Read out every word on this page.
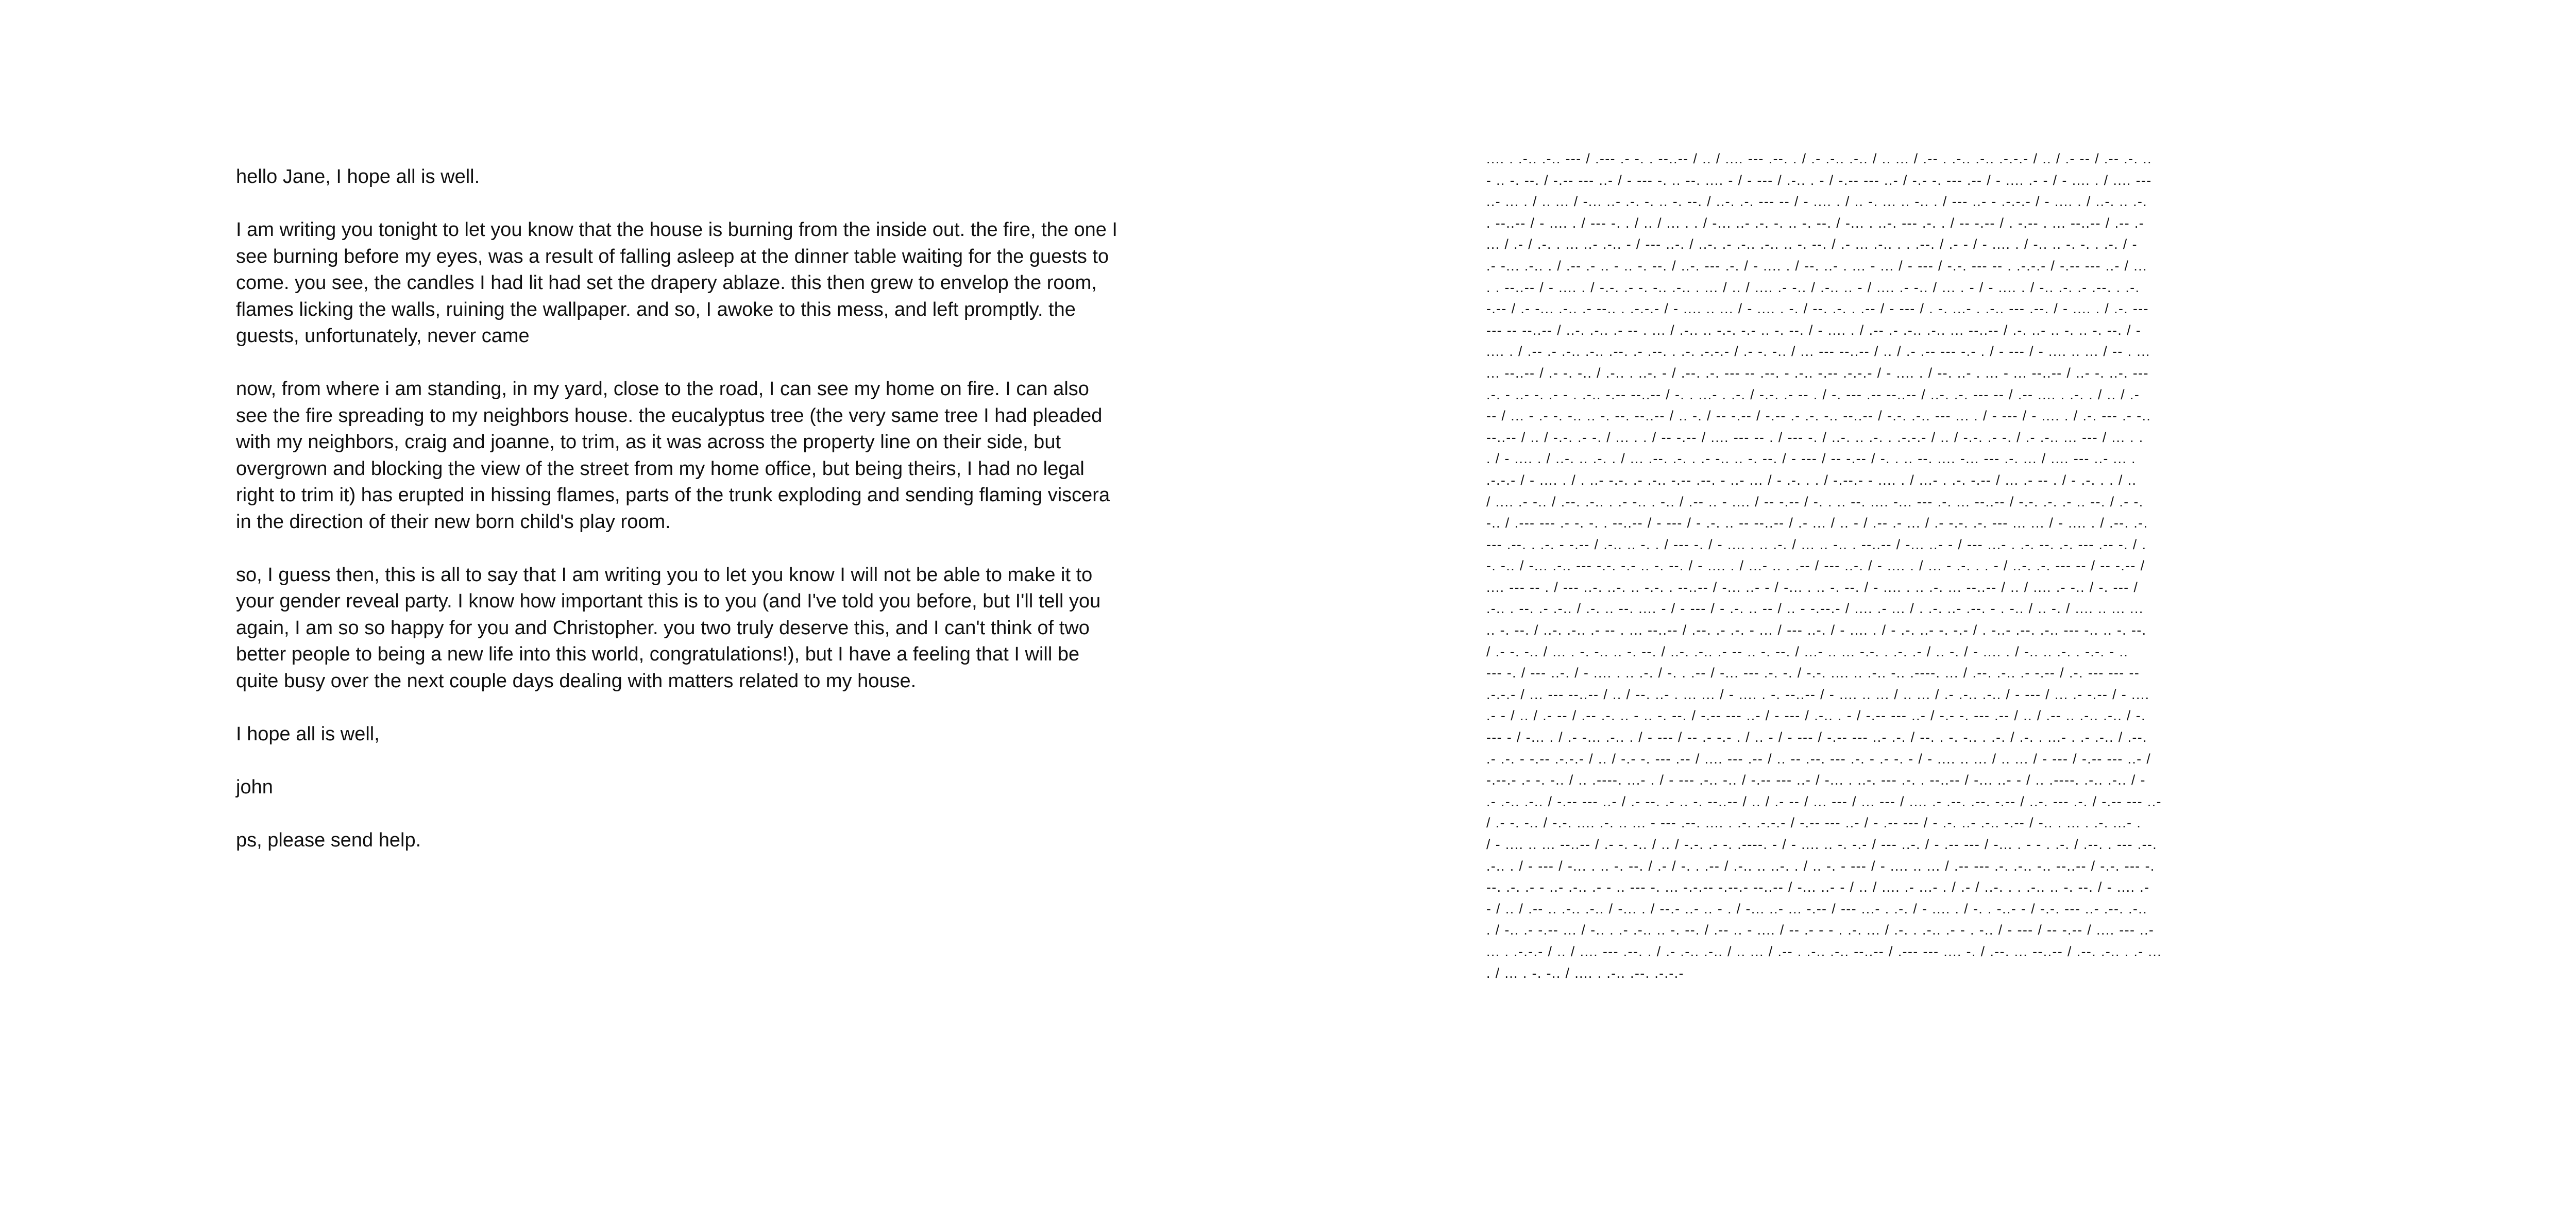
hello Jane, I hope all is well.

I am writing you tonight to let you know that the house is burning from the inside out. the fire, the one I see burning before my eyes, was a result of falling asleep at the dinner table waiting for the guests to come. you see, the candles I had lit had set the drapery ablaze. this then grew to envelop the room, flames licking the walls, ruining the wallpaper. and so, I awoke to this mess, and left promptly. the guests, unfortunately, never came

now, from where i am standing, in my yard, close to the road, I can see my home on fire. I can also see the fire spreading to my neighbors house. the eucalyptus tree (the very same tree I had pleaded with my neighbors, craig and joanne, to trim, as it was across the property line on their side, but overgrown and blocking the view of the street from my home office, but being theirs, I had no legal right to trim it) has erupted in hissing flames, parts of the trunk exploding and sending flaming viscera in the direction of their new born child's play room.

so, I guess then, this is all to say that I am writing you to let you know I will not be able to make it to your gender reveal party. I know how important this is to you (and I've told you before, but I'll tell you again, I am so so happy for you and Christopher. you two truly deserve this, and I can't think of two better people to being a new life into this world, congratulations!), but I have a feeling that I will be quite busy over the next couple days dealing with matters related to my house.

I hope all is well,

john

ps, please send help.

.... . .-.. .-.. --- / .--- .- -. . --..-- / .. / .... --- .--. . / .- .-.. .-.. / .. ... / .-- . .-.. .-.. .-.-.- / .. / .- -- / .-- .-. ..
- .. -. --. / -.-- --- ..- / - --- -. .. --. .... - / - --- / .-.. . - / -.-- --- ..- / -.- -. --- .-- / - .... .- - / - .... . / .... ---
..- ... . / .. ... / -... ..- .-. -. .. -. --. / ..-. .-. --- -- / - .... . / .. -. ... .. -.. . / --- ..- - .-.-.- / - .... . / ..-. .. .-.
. --..-- / - .... . / --- -. . / .. / ... . . / -... ..- .-. -. .. -. --. / -... . ..-. --- .-. . / -- -.-- / . -.-- . ... --..-- / .-- .-
... / .- / .-. . ... ..- .-.. - / --- ..-. / ..-. .- .-.. .-.. .. -. --. / .- ... .-.. . . .--. / .- - / - .... . / -.. .. -. -. . .-. / -
.- -... .-.. . / .-- .- .. - .. -. --. / ..-. --- .-. / - .... . / --. ..- . ... - ... / - --- / -.-. --- -- . .-.-.- / -.-- --- ..- / ...
. . --..-- / - .... . / -.-. .- -. -.. .-.. . ... / .. / .... .- -.. / .-.. .. - / .... .- -.. / ... . - / - .... . / -.. .-. .- .--. . .-.
-.-- / .- -... .-.. .- --.. . .-.-.- / - .... .. ... / - .... . -. / --. .-. . .-- / - --- / . -. ...- . .-.. --- .--. / - .... . / .-. ---
--- -- --..-- / ..-. .-.. .- -- . ... / .-.. .. -.-. -.- .. -. --. / - .... . / .-- .- .-.. .-.. ... --..-- / .-. ..- .. -. .. -. --. / -
.... . / .-- .- .-.. .-.. .--. .- .--. . .-. .-.-.- / .- -. -.. / ... --- --..-- / .. / .- .-- --- -.- . / - --- / - .... .. ... / -- . ...
... --..-- / .- -. -.. / .-.. . ..-. - / .--. .-. --- -- .--. - .-.. -.-- .-.-.- / - .... . / --. ..- . ... - ... --..-- / ..- -. ..-. ---
.-. - ..- -. .- - . .-.. -.-- --..-- / -. . ...- . .-. / -.-. .- -- . / -. --- .-- --..-- / ..-. .-. --- -- / .-- .... . .-. . / .. / .-
-- / ... - .- -. -.. .. -. --. --..-- / .. -. / -- -.-- / -.-- .- .-. -.. --..-- / -.-. .-.. --- ... . / - --- / - .... . / .-. --- .- -..
--..-- / .. / -.-. .- -. / ... . . / -- -.-- / .... --- -- . / --- -. / ..-. .. .-. . .-.-.- / .. / -.-. .- -. / .- .-.. ... --- / ... . .
. / - .... . / ..-. .. .-. . / ... .--. .-. . .- -.. .. -. --. / - --- / -- -.-- / -. . .. --. .... -... --- .-. ... / .... --- ..- ... .
.-.-.- / - .... . / . ..- -.-. .- .-.. -.-- .--. - ..- ... / - .-. . . / -.--.- - .... . / ...- . .-. -.-- / ... .- -- . / - .-. . . / ..
/ .... .- -.. / .--. .-.. . .- -.. . -.. / .-- .. - .... / -- -.-- / -. . .. --. .... -... --- .-. ... --..-- / -.-. .-. .- .. --. / .- -.
-.. / .--- --- .- -. -. . --..-- / - --- / - .-. .. -- --..-- / .- ... / .. - / .-- .- ... / .- -.-. .-. --- ... ... / - .... . / .--. .-.
--- .--. . .-. - -.-- / .-.. .. -. . / --- -. / - .... . .. .-. / ... .. -.. . --..-- / -... ..- - / --- ...- . .-. --. .-. --- .-- -. / .
-. -.. / -... .-.. --- -.-. -.- .. -. --. / - .... . / ...- .. . .-- / --- ..-. / - .... . / ... - .-. . . - / ..-. .-. --- -- / -- -.-- /
.... --- -- . / --- ..-. ..-. .. -.-. . --..-- / -... ..- - / -... . .. -. --. / - .... . .. .-. ... --..-- / .. / .... .- -.. / -. --- /
.-.. . --. .- .-.. / .-. .. --. .... - / - --- / - .-. .. -- / .. - -.--.- / .... .- ... / . .-. ..- .--. - . -.. / .. -. / .... .. ... ...
.. -. --. / ..-. .-.. .- -- . ... --..-- / .--. .- .-. - ... / --- ..-. / - .... . / - .-. ..- -. -.- / . -..- .--. .-.. --- -.. .. -. --.
/ .- -. -.. / ... . -. -.. .. -. --. / ..-. .-.. .- -- .. -. --. / ...- .. ... -.-. . .-. .- / .. -. / - .... . / -.. .. .-. . -.-. - ..
--- -. / --- ..-. / - .... . .. .-. / -. . .-- / -... --- .-. -. / -.-. .... .. .-.. -.. .----. ... / .--. .-.. .- -.-- / .-. --- --- --
.-.-.- / ... --- --..-- / .. / --. ..- . ... ... / - .... . -. --..-- / - .... .. ... / .. ... / .- .-.. .-.. / - --- / ... .- -.-- / - ....
.- - / .. / .- -- / .-- .-. .. - .. -. --. / -.-- --- ..- / - --- / .-.. . - / -.-- --- ..- / -.- -. --- .-- / .. / .-- .. .-.. .-.. / -.
--- - / -... . / .- -... .-.. . / - --- / -- .- -.- . / .. - / - --- / -.-- --- ..- .-. / --. . -. -.. . .-. / .-. . ...- . .- .-.. / .--.
.- .-. - -.-- .-.-.- / .. / -.- -. --- .-- / .... --- .-- / .. -- .--. --- .-. - .- -. - / - .... .. ... / .. ... / - --- / -.-- --- ..- /
-.--.- .- -. -.. / .. .----. ...- . / - --- .-.. -.. / -.-- --- ..- / -... . ..-. --- .-. . --..-- / -... ..- - / .. .----. .-.. .-.. / -
.- .-.. .-.. / -.-- --- ..- / .- --. .- .. -. --..-- / .. / .- -- / ... --- / ... --- / .... .- .--. .--. -.-- / ..-. --- .-. / -.-- --- ..-
/ .- -. -.. / -.-. .... .-. .. ... - --- .--. .... . .-. .-.-.- / -.-- --- ..- / - .-- --- / - .-. ..- .-.. -.-- / -.. . ... . .-. ...- .
/ - .... .. ... --..-- / .- -. -.. / .. / -.-. .- -. .----. - / - .... .. -. -.- / --- ..-. / - .-- --- / -... . - - . .-. / .--. . --- .--.
.-.. . / - --- / -... . .. -. --. / .- / -. . .-- / .-.. .. ..-. . / .. -. - --- / - .... .. ... / .-- --- .-. .-.. -.. --..-- / -.-. --- -.
--. .-. .- - ..- .-.. .- - .. --- -. ... -.-.-- -.--.- --..-- / -... ..- - / .. / .... .- ...- . / .- / ..-. . . .-.. .. -. --. / - .... .-
- / .. / .-- .. .-.. .-.. / -... . / --.- ..- .. - . / -... ..- ... -.-- / --- ...- . .-. / - .... . / -. . -..- - / -.-. --- ..- .--. .-..
. / -.. .- -.-- ... / -.. . .- .-.. .. -. --. / .-- .. - .... / -- .- - - . .-. ... / .-. . .-.. .- - . -.. / - --- / -- -.-- / .... --- ..-
... . .-.-.- / .. / .... --- .--. . / .- .-.. .-.. / .. ... / .-- . .-.. .-.. --..-- / .--- --- .... -. / .--. ... --..-- / .--. .-.. . .- ...
. / ... . -. -.. / .... . .-.. .--. .-.-.-
